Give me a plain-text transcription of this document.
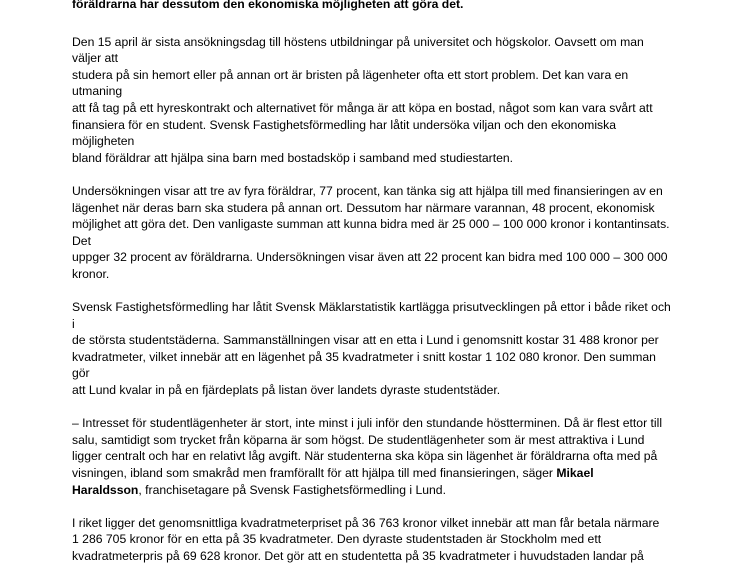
föräldrarna har dessutom den ekonomiska möjligheten att göra det.

Den 15 april är sista ansökningsdag till höstens utbildningar på universitet och högskolor. Oavsett om man väljer att
studera på sin hemort eller på annan ort är bristen på lägenheter ofta ett stort problem. Det kan vara en utmaning
att få tag på ett hyreskontrakt och alternativet för många är att köpa en bostad, något som kan vara svårt att
finansiera för en student. Svensk Fastighetsförmedling har låtit undersöka viljan och den ekonomiska möjligheten
bland föräldrar att hjälpa sina barn med bostadsköp i samband med studiestarten.

Undersökningen visar att tre av fyra föräldrar, 77 procent, kan tänka sig att hjälpa till med finansieringen av en
lägenhet när deras barn ska studera på annan ort. Dessutom har närmare varannan, 48 procent, ekonomisk
möjlighet att göra det. Den vanligaste summan att kunna bidra med är 25 000 – 100 000 kronor i kontantinsats. Det
uppger 32 procent av föräldrarna. Undersökningen visar även att 22 procent kan bidra med 100 000 – 300 000
kronor.

Svensk Fastighetsförmedling har låtit Svensk Mäklarstatistik kartlägga prisutvecklingen på ettor i både riket och i
de största studentstäderna. Sammanställningen visar att en etta i Lund i genomsnitt kostar 31 488 kronor per
kvadratmeter, vilket innebär att en lägenhet på 35 kvadratmeter i snitt kostar 1 102 080 kronor. Den summan gör
att Lund kvalar in på en fjärdeplats på listan över landets dyraste studentstäder.

– Intresset för studentlägenheter är stort, inte minst i juli inför den stundande höstterminen. Då är flest ettor till
salu, samtidigt som trycket från köparna är som högst. De studentlägenheter som är mest attraktiva i Lund
ligger centralt och har en relativt låg avgift. När studenterna ska köpa sin lägenhet är föräldrarna ofta med på
visningen, ibland som smakråd men framförallt för att hjälpa till med finansieringen, säger Mikael
Haraldsson, franchisetagare på Svensk Fastighetsförmedling i Lund.

I riket ligger det genomsnittliga kvadratmeterpriset på 36 763 kronor vilket innebär att man får betala närmare
1 286 705 kronor för en etta på 35 kvadratmeter. Den dyraste studentstaden är Stockholm med ett
kvadratmeterpris på 69 628 kronor. Det gör att en studentetta på 35 kvadratmeter i huvudstaden landar på
